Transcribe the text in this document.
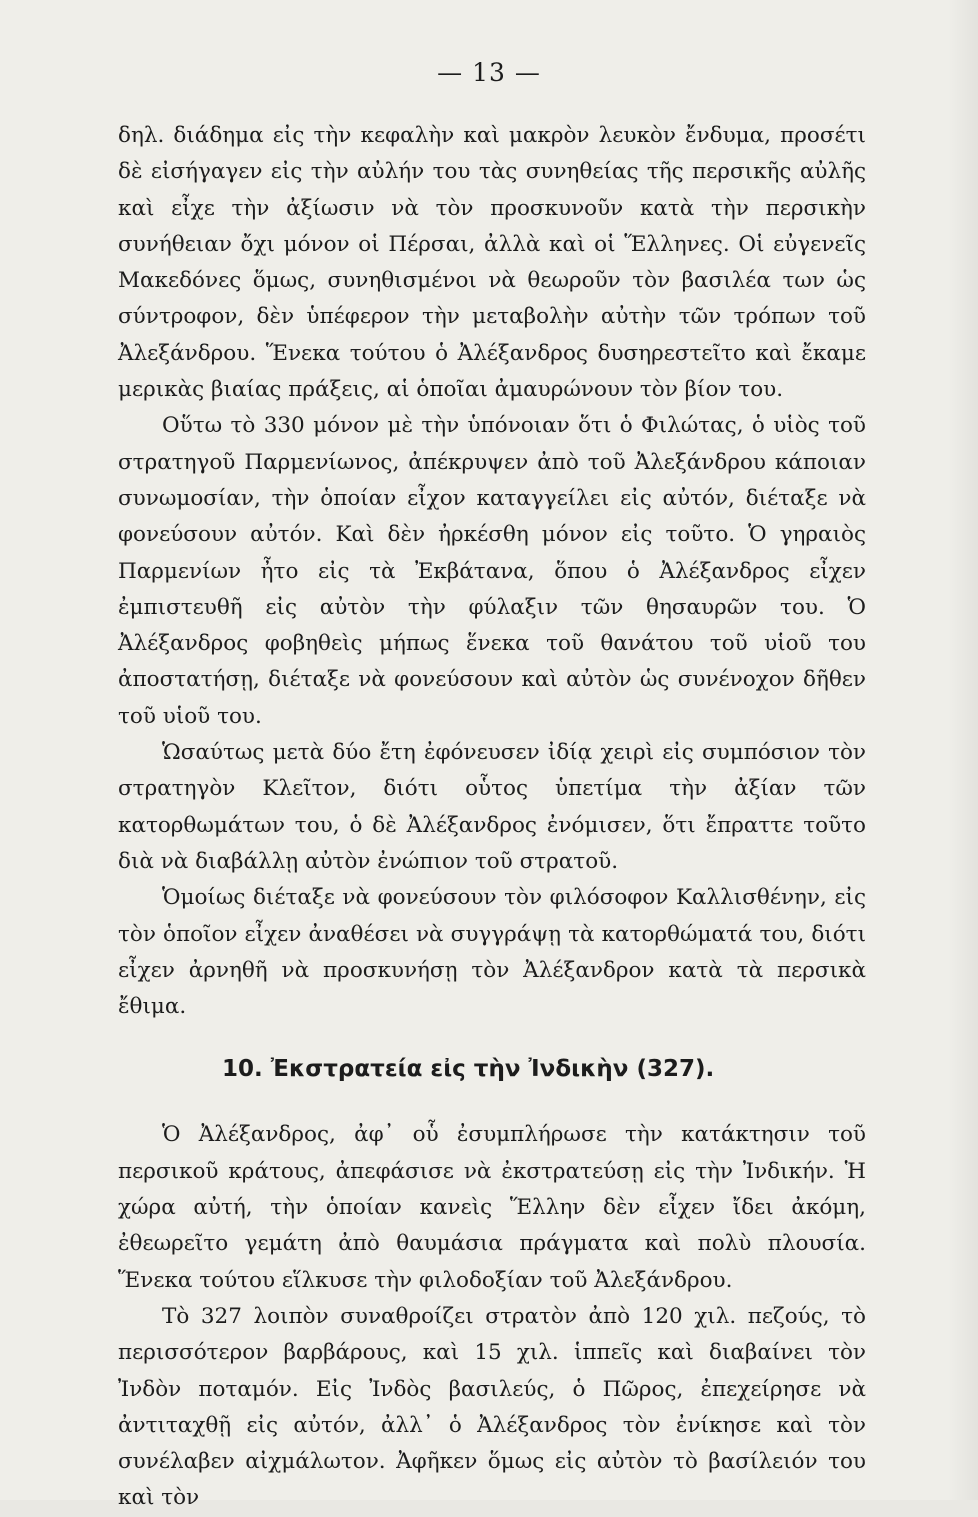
— 13 —

δηλ. διάδημα εἰς τὴν κεφαλὴν καὶ μακρὸν λευκὸν ἔνδυμα, προσέτι δὲ εἰσήγαγεν εἰς τὴν αὐλήν του τὰς συνηθείας τῆς περσικῆς αὐλῆς καὶ εἶχε τὴν ἀξίωσιν νὰ τὸν προσκυνοῦν κατὰ τὴν περσικὴν συνήθειαν ὄχι μόνον οἱ Πέρσαι, ἀλλὰ καὶ οἱ Ἕλληνες. Οἱ εὐγενεῖς Μακεδόνες ὅμως, συνηθισμένοι νὰ θεωροῦν τὸν βασιλέα των ὡς σύντροφον, δὲν ὑπέφερον τὴν μεταβολὴν αὐτὴν τῶν τρόπων τοῦ Ἀλεξάνδρου. Ἕνεκα τούτου ὁ Ἀλέξανδρος δυσηρεστεῖτο καὶ ἔκαμε μερικὰς βιαίας πράξεις, αἱ ὁποῖαι ἀμαυρώνουν τὸν βίον του.

Οὕτω τὸ 330 μόνον μὲ τὴν ὑπόνοιαν ὅτι ὁ Φιλώτας, ὁ υἱὸς τοῦ στρατηγοῦ Παρμενίωνος, ἀπέκρυψεν ἀπὸ τοῦ Ἀλεξάνδρου κάποιαν συνωμοσίαν, τὴν ὁποίαν εἶχον καταγγείλει εἰς αὐτόν, διέταξε νὰ φονεύσουν αὐτόν. Καὶ δὲν ἠρκέσθη μόνον εἰς τοῦτο. Ὁ γηραιὸς Παρμενίων ἦτο εἰς τὰ Ἐκβάτανα, ὅπου ὁ Ἀλέξανδρος εἶχεν ἐμπιστευθῆ εἰς αὐτὸν τὴν φύλαξιν τῶν θησαυρῶν του. Ὁ Ἀλέξανδρος φοβηθεὶς μήπως ἕνεκα τοῦ θανάτου τοῦ υἱοῦ του ἀποστατήσῃ, διέταξε νὰ φονεύσουν καὶ αὐτὸν ὡς συνένοχον δῆθεν τοῦ υἱοῦ του.

Ὡσαύτως μετὰ δύο ἔτη ἐφόνευσεν ἰδίᾳ χειρὶ εἰς συμπόσιον τὸν στρατηγὸν Κλεῖτον, διότι οὗτος ὑπετίμα τὴν ἀξίαν τῶν κατορθωμάτων του, ὁ δὲ Ἀλέξανδρος ἐνόμισεν, ὅτι ἔπραττε τοῦτο διὰ νὰ διαβάλλῃ αὐτὸν ἐνώπιον τοῦ στρατοῦ.

Ὁμοίως διέταξε νὰ φονεύσουν τὸν φιλόσοφον Καλλισθένην, εἰς τὸν ὁποῖον εἶχεν ἀναθέσει νὰ συγγράψῃ τὰ κατορθώματά του, διότι εἶχεν ἀρνηθῆ νὰ προσκυνήσῃ τὸν Ἀλέξανδρον κατὰ τὰ περσικὰ ἔθιμα.

10. Ἐκστρατεία εἰς τὴν Ἰνδικὴν (327).

Ὁ Ἀλέξανδρος, ἀφ᾽ οὗ ἐσυμπλήρωσε τὴν κατάκτησιν τοῦ περσικοῦ κράτους, ἀπεφάσισε νὰ ἐκστρατεύσῃ εἰς τὴν Ἰνδικήν. Ἡ χώρα αὐτή, τὴν ὁποίαν κανεὶς Ἕλλην δὲν εἶχεν ἴδει ἀκόμη, ἐθεωρεῖτο γεμάτη ἀπὸ θαυμάσια πράγματα καὶ πολὺ πλουσία. Ἕνεκα τούτου εἵλκυσε τὴν φιλοδοξίαν τοῦ Ἀλεξάνδρου.

Τὸ 327 λοιπὸν συναθροίζει στρατὸν ἀπὸ 120 χιλ. πεζούς, τὸ περισσότερον βαρβάρους, καὶ 15 χιλ. ἱππεῖς καὶ διαβαίνει τὸν Ἰνδὸν ποταμόν. Εἰς Ἰνδὸς βασιλεύς, ὁ Πῶρος, ἐπεχείρησε νὰ ἀντιταχθῇ εἰς αὐτόν, ἀλλ᾽ ὁ Ἀλέξανδρος τὸν ἐνίκησε καὶ τὸν συνέλαβεν αἰχμάλωτον. Ἀφῆκεν ὅμως εἰς αὐτὸν τὸ βασίλειόν του καὶ τὸν
